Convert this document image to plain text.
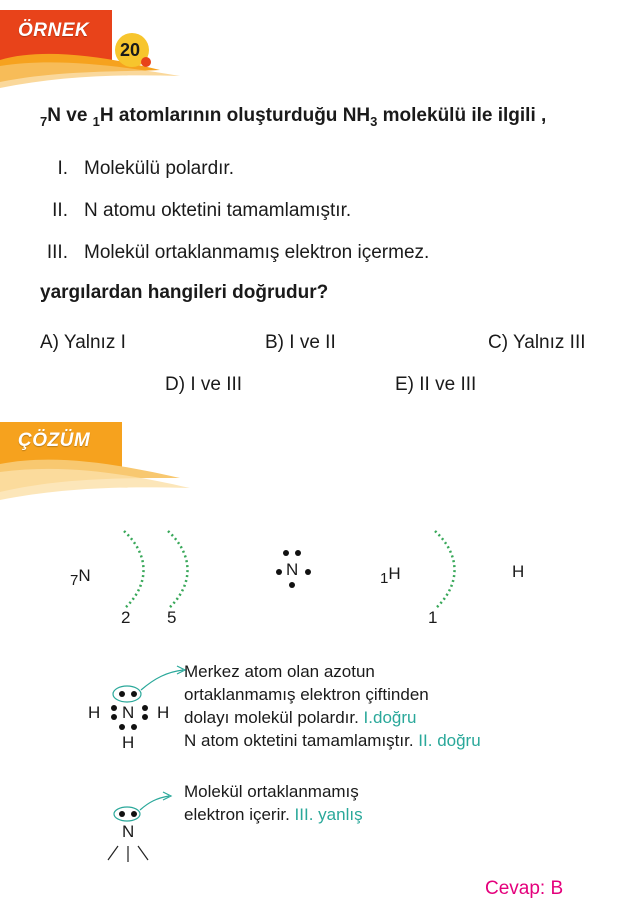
ÖRNEK
20
$_7$N ve $_1$H atomlarının oluşturduğu $NH_3$ molekülü ile ilgili ,
I. Molekülü polardır.
II. N atomu oktetini tamamlamıştır.
III. Molekül ortaklanmamış elektron içermez.
yargılardan hangileri doğrudur?
A) Yalnız I	B) I ve II	C) Yalnız III
D) I ve III	E) II ve III
ÇÖZÜM
$_7$N
2 5
N	$_1$H
1
H
H N H
H
Merkez atom olan azotun
ortaklanmamış elektron çiftinden
dolayı molekül polardır. I.doğru
N atom oktetini tamamlamıştır. II. doğru
N
Molekül ortaklanmamış
elektron içerir. III. yanlış
Cevap: B
